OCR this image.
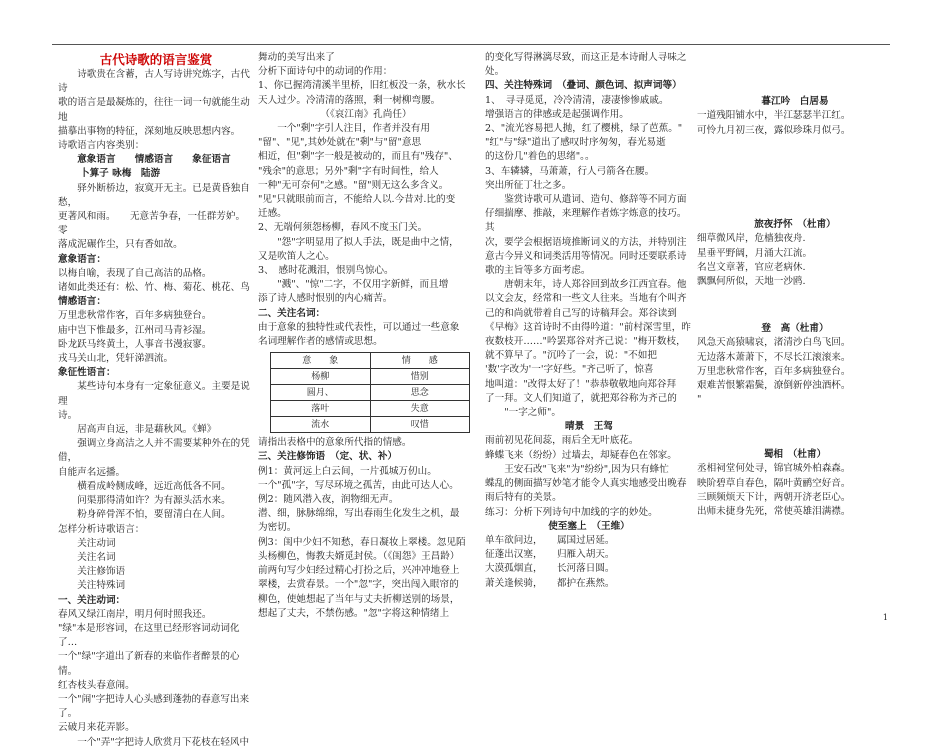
古代诗歌的语言鉴赏

诗歌贵在含蓄，古人写诗讲究炼字，古代诗

歌的语言是最凝炼的，往往一词一句就能生动地

描摹出事物的特征，深刻地反映思想内容。

诗歌语言内容类别：

意象语言　　情感语言　　象征语言

卜算子 咏梅　陆游

驿外断桥边，寂寞开无主。已是黄昏独自愁，

更著风和雨。　　无意苦争春，一任群芳妒。零

落成泥碾作尘，只有香如故。

意象语言：

以梅自喻，表现了自己高洁的品格。

诸如此类还有：松、竹、梅、菊花、桃花、鸟

情感语言：

万里悲秋常作客，百年多病独登台。

庙中岂下惟最多，江州司马青衫湿。

卧龙跃马终黄土，人事音书漫寂寥。

戎马关山北，凭轩涕泗流。

象征性语言：

某些诗句本身有一定象征意义。主要是说理

诗。

居高声自远，非是藉秋风。《蝉》

强调立身高洁之人并不需要某种外在的凭借，

自能声名远播。

横看成岭侧成峰，远近高低各不同。

问渠那得清如许？为有源头活水来。

粉身碎骨浑不怕，要留清白在人间。

怎样分析诗歌语言：

关注动词

关注名词

关注修饰语

关注特殊词

一、关注动词：

春风又绿江南岸，明月何时照我还。

"绿"本是形容词，在这里已经形容词动词化了…

一个"绿"字道出了新春的来临作者醉景的心情。

红杏枝头春意闹。

一个"闹"字把诗人心头感到蓬勃的春意写出来

了。

云破月来花弄影。

一个"弄"字把诗人欣赏月下花枝在轻风中

舞动的美写出来了

分析下面诗句中的动词的作用：

1、你已握湾清溪半里桥，旧红板没一条，秋水长

天人过少。冷清清的落照，剩一树柳弯腰。

（《哀江南》孔尚任）

一个"剩"字引人注目，作者并没有用

"留"、"见",其妙处就在"剩"与"留"意思

相近，但"剩"字一般是被动的，而且有"残存"、

"残余"的意思；另外"剩"字有时间性，给人

一种"无可奈何"之感。"留"则无这么多含义。

"见"只就眼前而言，不能给人以.今昔对.比的变

迁感。

2、无端何须怨杨柳，春风不度玉门关。

"怨"字明显用了拟人手法，既是曲中之情，

又是吹笛人之心。

3、　感时花溅泪，恨别鸟惊心。

"溅"、"惊"二字，不仅用字新鲜，而且增

添了诗人感时恨别的内心痛苦。

二、关注名词：

由于意象的独特性或代表性，可以通过一些意象

名词理解作者的感情或思想。

意　　象	情　　感
杨柳	惜别
圆月、	思念
落叶	失意
流水	叹惜

请指出表格中的意象所代指的情感。

三、关注修饰语　（定、状、补）

例1：黄河远上白云间，一片孤城万仞山。

一个"孤"字，写尽环境之孤苦，由此可达人心。

例2：随风潜入夜，润物细无声。

潜、细，脉脉绵绵，写出春雨生化发生之机，最

为密切。

例3：闺中少妇不知愁，春日凝妆上翠楼。忽见陌

头杨柳色，悔教夫婿觅封侯。（《闺怨》王昌龄）

前两句写少妇经过精心打扮之后，兴冲冲地登上

翠楼，去赏春景。一个"忽"字，突出闯入眼帘的

柳色，使她想起了当年与丈夫折柳送别的场景，

想起了丈夫，不禁伤感。"忽"字将这种情绪上

的变化写得淋漓尽致，而这正是本诗耐人寻味之

处。

四、关注特殊词　（叠词、颜色词、拟声词等）

1、　寻寻觅觅，冷冷清清，凄凄惨惨戚戚。

增强语言的律感或是起强调作用。

2、"流光容易把人抛，红了樱桃，绿了芭蕉。"

"红"与"绿"道出了感叹时序匆匆，春光易逝

的这份几"着色的思绪"。。

3、车辚辚，马萧萧，行人弓箭各在腰。

突出所征丁壮之多。

鉴赏诗歌可从遣词、造句、修辞等不同方面

仔细揣摩、推敲，来理解作者炼字炼意的技巧。其

次，要学会根据语境推断词义的方法，并特别注

意古今异义和词类活用等情况。同时还要联系诗

歌的主旨等多方面考虑。

唐朝末年，诗人郑谷回到故乡江西宜春。他

以文会友，经常和一些文人往来。当地有个叫齐

己的和尚就带着自己写的诗稿拜会。郑谷读到

《早梅》这首诗时不由得吟道："前村深雪里，昨

夜数枝开……"吟罢郑谷对齐己说："梅开数枝，

就不算早了。"沉吟了一会，说："不如把

'数'字改为'一'字好些。"齐己听了，惊喜

地叫道："改得太好了！"恭恭敬敬地向郑谷拜

了一拜。文人们知道了，就把郑谷称为齐己的

"一字之师"。

晴景　王驾

雨前初见花间蕊，雨后全无叶底花。

蜂蝶飞来（纷纷）过墙去，却疑春色在邻家。

王安石改"飞来"为"纷纷",因为只有蜂忙

蝶乱的侧面描写妙笔才能令人真实地感受出晚春

雨后特有的美景。

练习：分析下列诗句中加线的字的妙处。

使至塞上　（王维）

单车欲问边，　　属国过居延。

征蓬出汉塞，　　归雁入胡天。

大漠孤烟直，　　长河落日圆。

萧关逢候骑，　　都护在燕然。

暮江吟　白居易

一道残阳铺水中，半江瑟瑟半江红。

可怜九月初三夜，露似珍珠月似弓。

旅夜抒怀　（杜甫）

细草微风岸，危樯独夜舟.

星垂平野阔，月涌大江流。

名岂文章著，官应老病休.

飘飘何所似，天地一沙鸥.

登　高（杜甫）

风急天高猿啸哀，渚清沙白鸟飞回。

无边落木萧萧下，不尽长江滚滚来。

万里悲秋常作客，百年多病独登台。

艰难苦恨繁霜鬓，潦倒新停浊酒杯。

"

蜀相　（杜甫）

丞相祠堂何处寻，锦官城外柏森森。

映阶碧草自春色，隔叶黄鹂空好音。

三顾频烦天下计，两朝开济老臣心。

出师未捷身先死，常使英雄泪满襟。

1
